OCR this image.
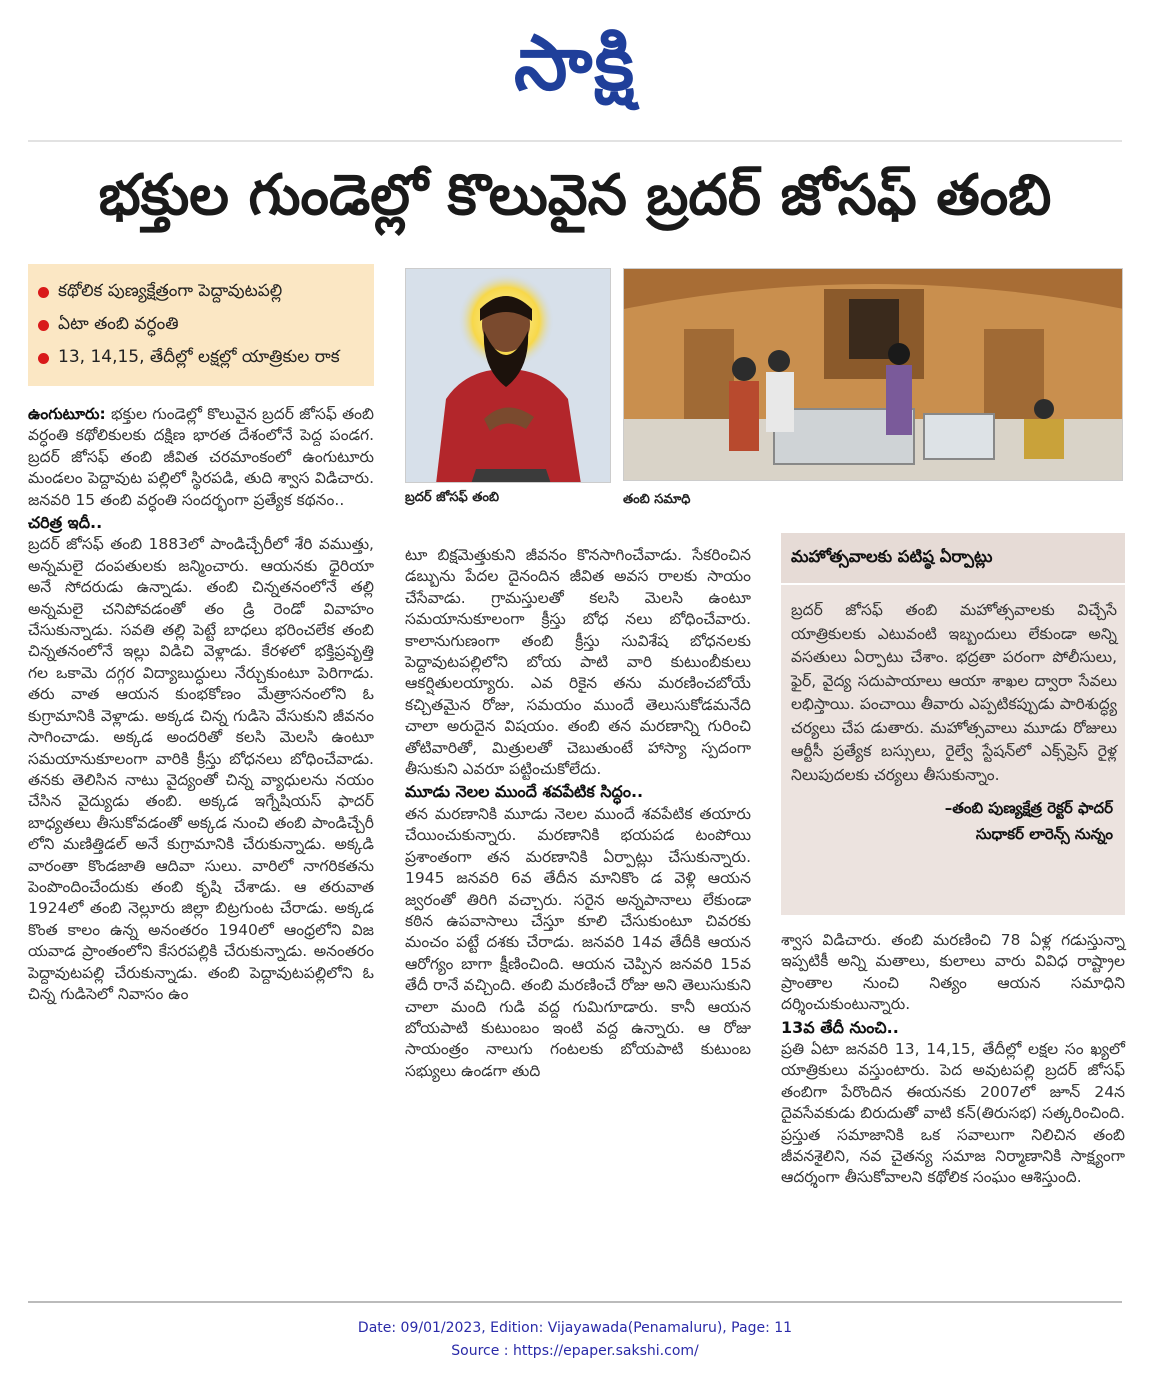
సాక్షి
భక్తుల గుండెల్లో కొలువైన బ్రదర్ జోసఫ్ తంబి
కథోలిక పుణ్యక్షేత్రంగా పెద్దావుటపల్లి
ఏటా తంబి వర్ధంతి
13, 14,15, తేదీల్లో లక్షల్లో యాత్రికుల రాక
బ్రదర్ జోసఫ్ తంబి	తంబి సమాధి

ఉంగుటూరు: భక్తుల గుండెల్లో కొలువైన బ్రదర్ జోసఫ్ తంబి వర్ధంతి కథోలికులకు దక్షిణ భారత దేశంలోనే పెద్ద పండగ. బ్రదర్ జోసఫ్ తంబి జీవిత చరమాంకంలో ఉంగుటూరు మండలం పెద్దావుట పల్లిలో స్థిరపడి, తుది శ్వాస విడిచారు. జనవరి 15 తంబి వర్ధంతి సందర్భంగా ప్రత్యేక కథనం..

చరిత్ర ఇదీ..

బ్రదర్ జోసఫ్ తంబి 1883లో పాండిచ్చేరీలో శేరి వముత్తు, అన్నమలై దంపతులకు జన్మించారు. ఆయనకు ధైరియా అనే సోదరుడు ఉన్నాడు. తంబి చిన్నతనంలోనే తల్లి అన్నమలై చనిపోవడంతో తం డ్రి రెండో వివాహం చేసుకున్నాడు. సవతి తల్లి పెట్టే బాధలు భరించలేక తంబి చిన్నతనంలోనే ఇల్లు విడిచి వెళ్లాడు. కేరళలో భక్తిప్రవృత్తి గల ఒకామె దగ్గర విద్యాబుద్ధులు నేర్చుకుంటూ పెరిగాడు. తరు వాత ఆయన కుంభకోణం మేత్రాసనంలోని ఓ కుగ్రామానికి వెళ్లాడు. అక్కడ చిన్న గుడిసె వేసుకుని జీవనం సాగించాడు. అక్కడ అందరితో కలసి మెలసి ఉంటూ సమయానుకూలంగా వారికి క్రీస్తు బోధనలు బోధించేవాడు. తనకు తెలిసిన నాటు వైద్యంతో చిన్న వ్యాధులను నయం చేసిన వైద్యుడు తంబి. అక్కడ ఇగ్నేషియస్ ఫాదర్ బాధ్యతలు తీసుకోవడంతో అక్కడ నుంచి తంబి పాండిచ్చేరీ లోని మణిత్తిడల్ అనే కుగ్రామానికి చేరుకున్నాడు. అక్కడి వారంతా కొండజాతి ఆదివా సులు. వారిలో నాగరికతను పెంపొందించేందుకు తంబి కృషి చేశాడు. ఆ తరువాత 1924లో తంబి నెల్లూరు జిల్లా బిట్రగుంట చేరాడు. అక్కడ కొంత కాలం ఉన్న అనంతరం 1940లో ఆంధ్రలోని విజ యవాడ ప్రాంతంలోని కేసరపల్లికి చేరుకున్నాడు. అనంతరం పెద్దావుటపల్లి చేరుకున్నాడు. తంబి పెద్దావుటపల్లిలోని ఓ చిన్న గుడిసెలో నివాసం ఉం

టూ బిక్షమెత్తుకుని జీవనం కొనసాగించేవాడు. సేకరించిన డబ్బును పేదల దైనందిన జీవిత అవస రాలకు సాయం చేసేవాడు. గ్రామస్తులతో కలసి మెలసి ఉంటూ సమయానుకూలంగా క్రీస్తు బోధ నలు బోధించేవారు. కాలానుగుణంగా తంబి క్రీస్తు సువిశేష బోధనలకు పెద్దావుటపల్లిలోని బోయ పాటి వారి కుటుంబీకులు ఆకర్షితులయ్యారు. ఎవ రికైన తను మరణించబోయే కచ్చితమైన రోజు, సమయం ముందే తెలుసుకోడమనేది చాలా అరుదైన విషయం. తంబి తన మరణాన్ని గురించి తోటివారితో, మిత్రులతో చెబుతుంటే హాస్యా స్పదంగా తీసుకుని ఎవరూ పట్టించుకోలేదు.

మూడు నెలల ముందే శవపేటిక సిద్ధం..

తన మరణానికి మూడు నెలల ముందే శవపేటిక తయారు చేయించుకున్నారు. మరణానికి భయపడ టంపోయి ప్రశాంతంగా తన మరణానికి ఏర్పాట్లు చేసుకున్నారు. 1945 జనవరి 6వ తేదీన మానికొం డ వెళ్లి ఆయన జ్వరంతో తిరిగి వచ్చారు. సరైన అన్నపానాలు లేకుండా కఠిన ఉపవాసాలు చేస్తూ కూలి చేసుకుంటూ చివరకు మంచం పట్టే దశకు చేరాడు. జనవరి 14వ తేదీకి ఆయన ఆరోగ్యం బాగా క్షీణించింది. ఆయన చెప్పిన జనవరి 15వ తేదీ రానే వచ్చింది. తంబి మరణించే రోజు అని తెలుసుకుని చాలా మంది గుడి వద్ద గుమిగూడారు. కానీ ఆయన బోయపాటి కుటుంబం ఇంటి వద్ద ఉన్నారు. ఆ రోజు సాయంత్రం నాలుగు గంటలకు బోయపాటి కుటుంబ సభ్యులు ఉండగా తుది

మహోత్సవాలకు పటిష్ఠ ఏర్పాట్లు
బ్రదర్ జోసఫ్ తంబి మహోత్సవాలకు విచ్చేసే యాత్రికులకు ఎటువంటి ఇబ్బందులు లేకుండా అన్ని వసతులు ఏర్పాటు చేశాం. భద్రతా పరంగా పోలీసులు, ఫైర్, వైద్య సదుపాయాలు ఆయా శాఖల ద్వారా సేవలు లభిస్తాయి. పంచాయి తీవారు ఎప్పటికప్పుడు పారిశుద్ధ్య చర్యలు చేప డుతారు. మహోత్సవాలు మూడు రోజులు ఆర్టీసీ ప్రత్యేక బస్సులు, రైల్వే స్టేషన్‌లో ఎక్స్‌ప్రెస్ రైళ్ల నిలుపుదలకు చర్యలు తీసుకున్నాం.
–తంబి పుణ్యక్షేత్ర రెక్టర్ ఫాదర్
సుధాకర్ లారెన్స్ నున్నం

శ్వాస విడిచారు. తంబి మరణించి 78 ఏళ్ల గడుస్తున్నా ఇప్పటికీ అన్ని మతాలు, కులాలు వారు వివిధ రాష్ట్రాల ప్రాంతాల నుంచి నిత్యం ఆయన సమాధిని దర్శించుకుంటున్నారు.

13వ తేదీ నుంచి..

ప్రతి ఏటా జనవరి 13, 14,15, తేదీల్లో లక్షల సం ఖ్యలో యాత్రికులు వస్తుంటారు. పెద అవుటపల్లి బ్రదర్ జోసఫ్ తంబిగా పేరొందిన ఈయనకు 2007లో జూన్ 24న దైవసేవకుడు బిరుదుతో వాటి కన్(తిరుసభ) సత్కరించింది. ప్రస్తుత సమాజానికి ఒక సవాలుగా నిలిచిన తంబి జీవనశైలిని, నవ చైతన్య సమాజ నిర్మాణానికి సాక్ష్యంగా ఆదర్శంగా తీసుకోవాలని కథోలిక సంఘం ఆశిస్తుంది.

Date: 09/01/2023, Edition: Vijayawada(Penamaluru), Page: 11
Source : https://epaper.sakshi.com/
